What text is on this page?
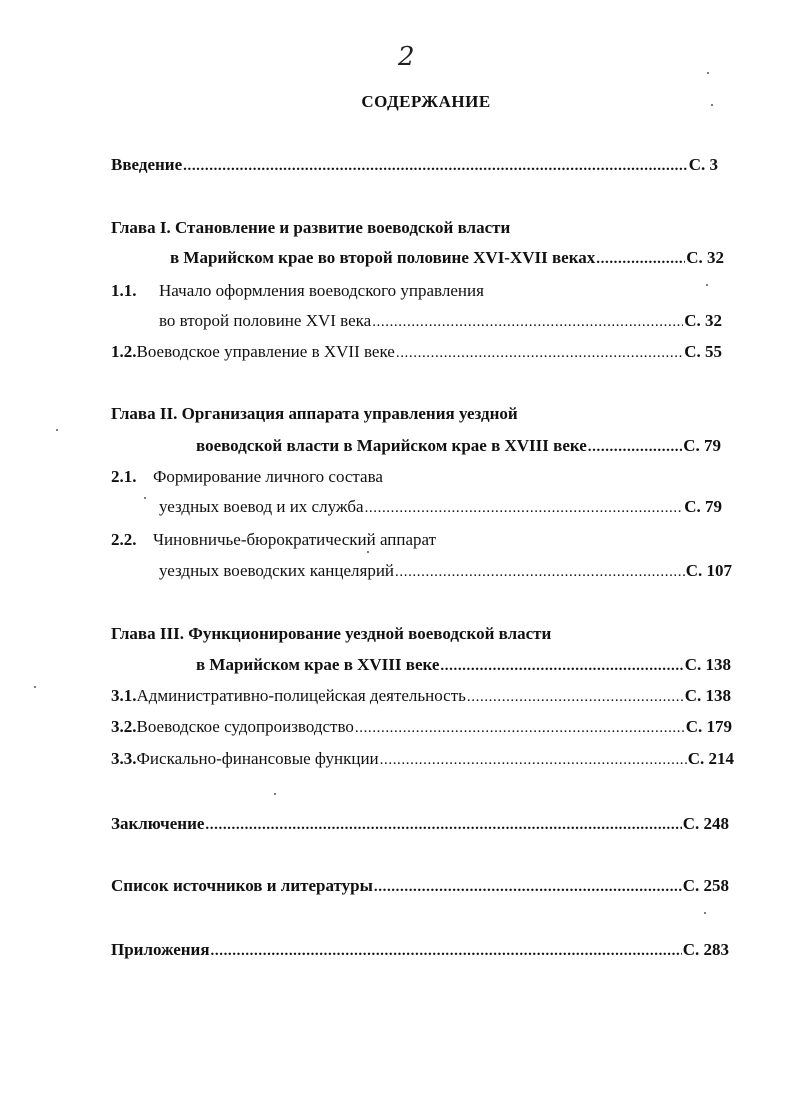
2
СОДЕРЖАНИЕ
Введение .....	С. 3
Глава I. Становление и развитие воеводской власти
в Марийском крае во второй половине XVI-XVII веках .....	С. 32
1.1.	Начало оформления воеводского управления
во второй половине XVI века .....	С. 32
1.2. Воеводское управление в XVII веке .....	С. 55
Глава II. Организация аппарата управления уездной
воеводской власти в Марийском крае в XVIII веке .....	С. 79
2.1. Формирование личного состава
уездных воевод и их служба .....	С. 79
2.2. Чиновничье-бюрократический аппарат
уездных воеводских канцелярий .....	С. 107
Глава III. Функционирование уездной воеводской власти
в Марийском крае в XVIII веке .....	С. 138
3.1. Административно-полицейская деятельность .....	С. 138
3.2. Воеводское судопроизводство .....	С. 179
3.3. Фискально-финансовые функции .....	С. 214
Заключение .....	С. 248
Список источников и литературы .....	С. 258
Приложения .....	С. 283
